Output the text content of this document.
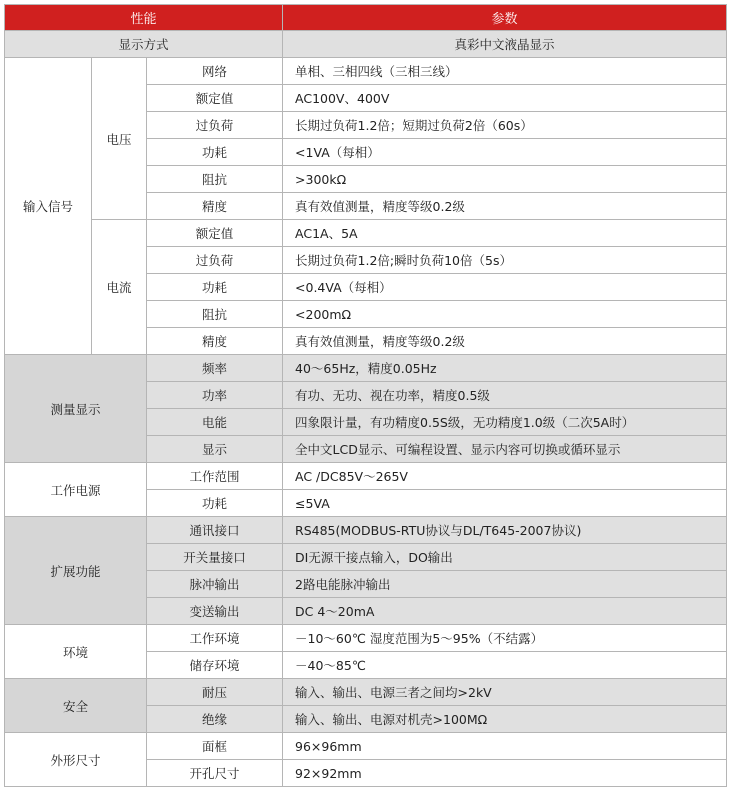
性能			参数
显示方式			真彩中文液晶显示
输入信号	电压	网络	单相、三相四线（三相三线）
		额定值	AC100V、400V
		过负荷	长期过负荷1.2倍；短期过负荷2倍（60s）
		功耗	<1VA（每相）
		阻抗	>300kΩ
		精度	真有效值测量，精度等级0.2级
	电流	额定值	AC1A、5A
		过负荷	长期过负荷1.2倍;瞬时负荷10倍（5s）
		功耗	<0.4VA（每相）
		阻抗	<200mΩ
		精度	真有效值测量，精度等级0.2级
测量显示		频率	40～65Hz，精度0.05Hz
		功率	有功、无功、视在功率，精度0.5级
		电能	四象限计量，有功精度0.5S级，无功精度1.0级（二次5A时）
		显示	全中文LCD显示、可编程设置、显示内容可切换或循环显示
工作电源		工作范围	AC /DC85V～265V
		功耗	≤5VA
扩展功能		通讯接口	RS485(MODBUS-RTU协议与DL/T645-2007协议)
		开关量接口	DI无源干接点输入，DO输出
		脉冲输出	2路电能脉冲输出
		变送输出	DC 4～20mA
环境		工作环境	－10～60℃ 湿度范围为5～95%（不结露）
		储存环境	－40～85℃
安全		耐压	输入、输出、电源三者之间均>2kV
		绝缘	输入、输出、电源对机壳>100MΩ
外形尺寸		面框	96×96mm
		开孔尺寸	92×92mm
